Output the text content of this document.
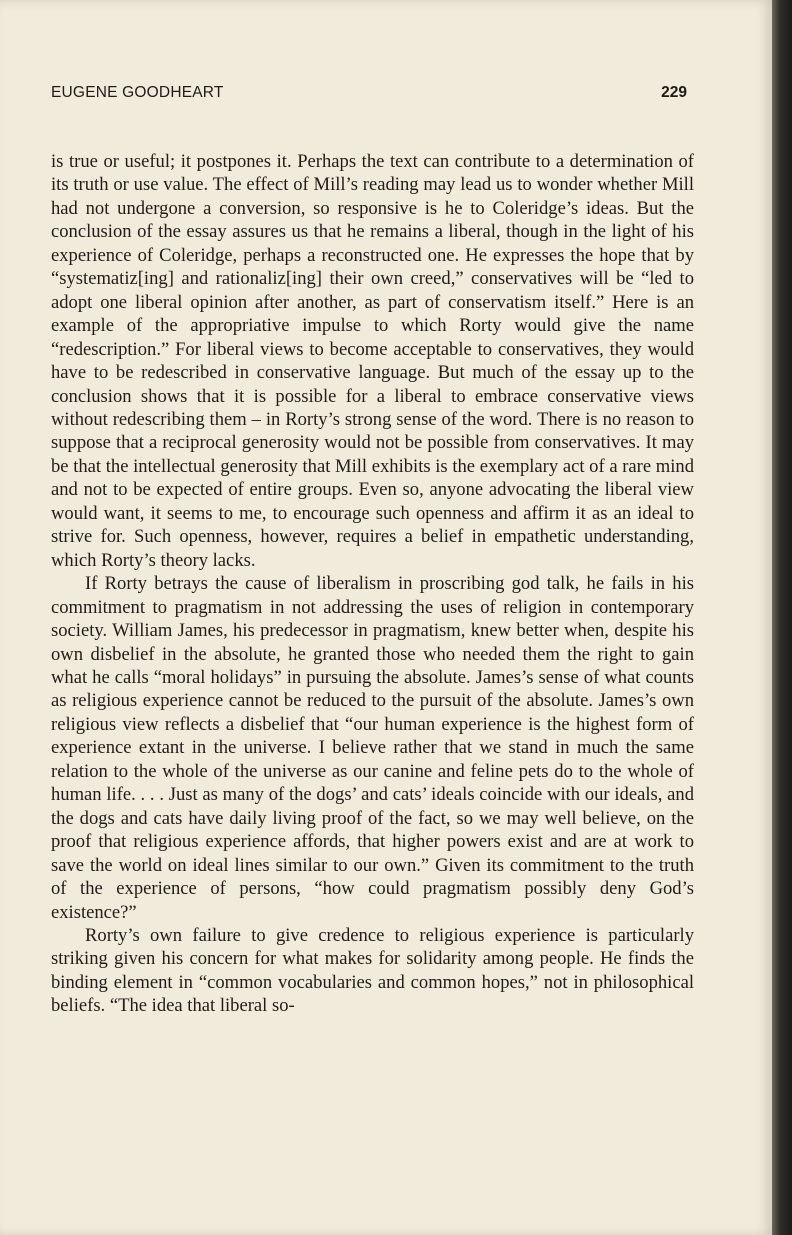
EUGENE GOODHEART	229

is true or useful; it postpones it. Perhaps the text can contribute to a determination of its truth or use value. The effect of Mill’s reading may lead us to wonder whether Mill had not undergone a conversion, so responsive is he to Coleridge’s ideas. But the conclusion of the essay assures us that he remains a liberal, though in the light of his experience of Coleridge, perhaps a reconstructed one. He expresses the hope that by “systematiz[ing] and rationaliz[ing] their own creed,” conservatives will be “led to adopt one liberal opinion after another, as part of conservatism itself.” Here is an example of the appropriative impulse to which Rorty would give the name “redescription.” For liberal views to become acceptable to conservatives, they would have to be redescribed in conservative language. But much of the essay up to the conclusion shows that it is possible for a liberal to embrace conservative views without redescribing them – in Rorty’s strong sense of the word. There is no reason to suppose that a reciprocal generosity would not be possible from conservatives. It may be that the intellectual generosity that Mill exhibits is the exemplary act of a rare mind and not to be expected of entire groups. Even so, anyone advocating the liberal view would want, it seems to me, to encourage such openness and affirm it as an ideal to strive for. Such openness, however, requires a belief in empathetic understanding, which Rorty’s theory lacks.

If Rorty betrays the cause of liberalism in proscribing god talk, he fails in his commitment to pragmatism in not addressing the uses of religion in contemporary society. William James, his predecessor in pragmatism, knew better when, despite his own disbelief in the absolute, he granted those who needed them the right to gain what he calls “moral holidays” in pursuing the absolute. James’s sense of what counts as religious experience cannot be reduced to the pursuit of the absolute. James’s own religious view reflects a disbelief that “our human experience is the highest form of experience extant in the universe. I believe rather that we stand in much the same relation to the whole of the universe as our canine and feline pets do to the whole of human life. . . . Just as many of the dogs’ and cats’ ideals coincide with our ideals, and the dogs and cats have daily living proof of the fact, so we may well believe, on the proof that religious experience affords, that higher powers exist and are at work to save the world on ideal lines similar to our own.” Given its commitment to the truth of the experience of persons, “how could pragmatism possibly deny God’s existence?”

Rorty’s own failure to give credence to religious experience is particularly striking given his concern for what makes for solidarity among people. He finds the binding element in “common vocabularies and common hopes,” not in philosophical beliefs. “The idea that liberal so-
